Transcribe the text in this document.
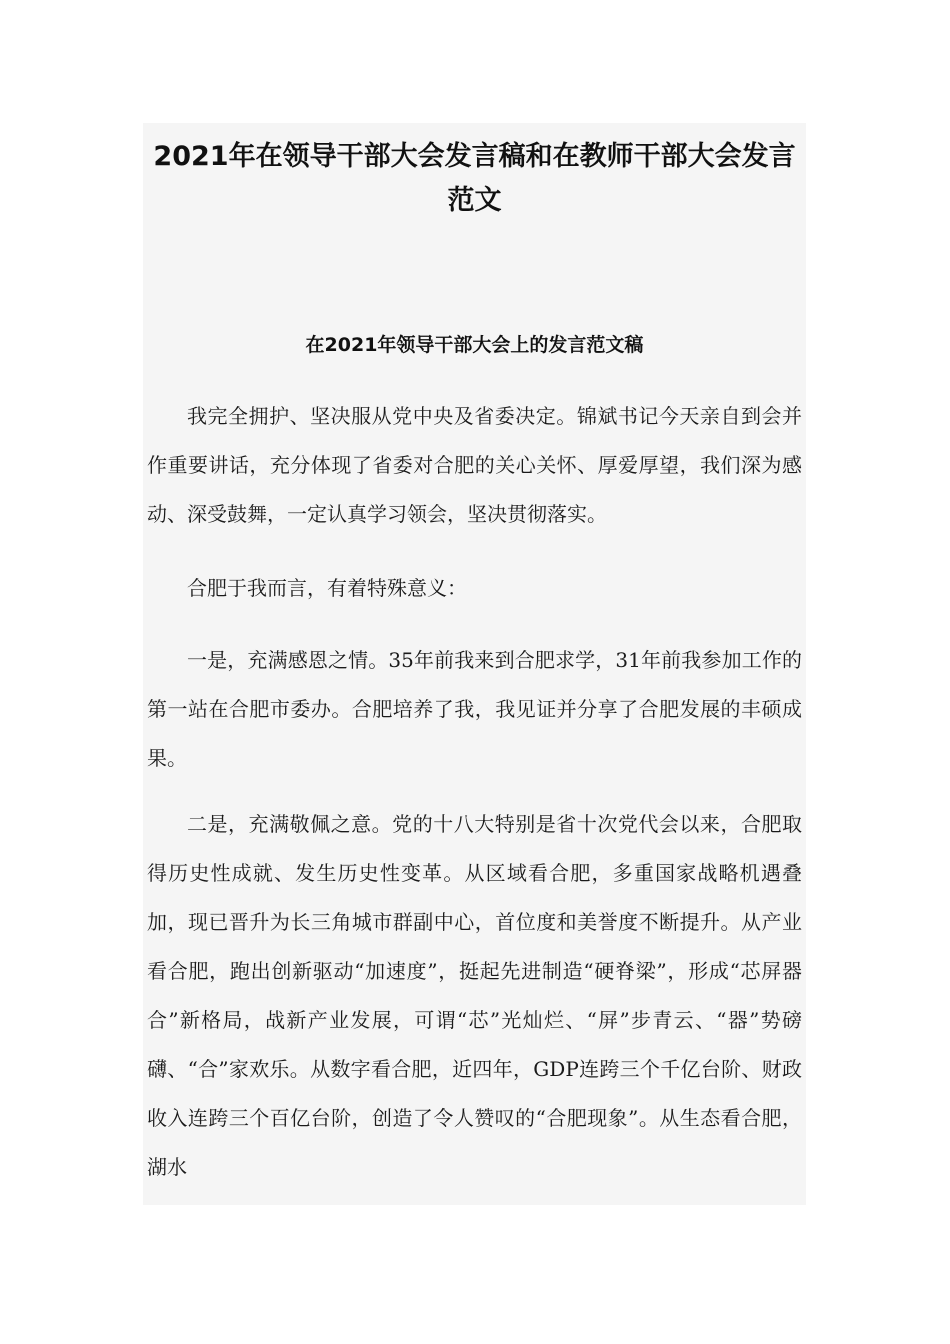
2021年在领导干部大会发言稿和在教师干部大会发言范文
在2021年领导干部大会上的发言范文稿

我完全拥护、坚决服从党中央及省委决定。锦斌书记今天亲自到会并作重要讲话，充分体现了省委对合肥的关心关怀、厚爱厚望，我们深为感动、深受鼓舞，一定认真学习领会，坚决贯彻落实。

合肥于我而言，有着特殊意义：

一是，充满感恩之情。35年前我来到合肥求学，31年前我参加工作的第一站在合肥市委办。合肥培养了我，我见证并分享了合肥发展的丰硕成果。

二是，充满敬佩之意。党的十八大特别是省十次党代会以来，合肥取得历史性成就、发生历史性变革。从区域看合肥，多重国家战略机遇叠加，现已晋升为长三角城市群副中心，首位度和美誉度不断提升。从产业看合肥，跑出创新驱动“加速度”，挺起先进制造“硬脊梁”，形成“芯屏器合”新格局，战新产业发展，可谓“芯”光灿烂、“屏”步青云、“器”势磅礴、“合”家欢乐。从数字看合肥，近四年，GDP连跨三个千亿台阶、财政收入连跨三个百亿台阶，创造了令人赞叹的“合肥现象”。从生态看合肥，湖水
